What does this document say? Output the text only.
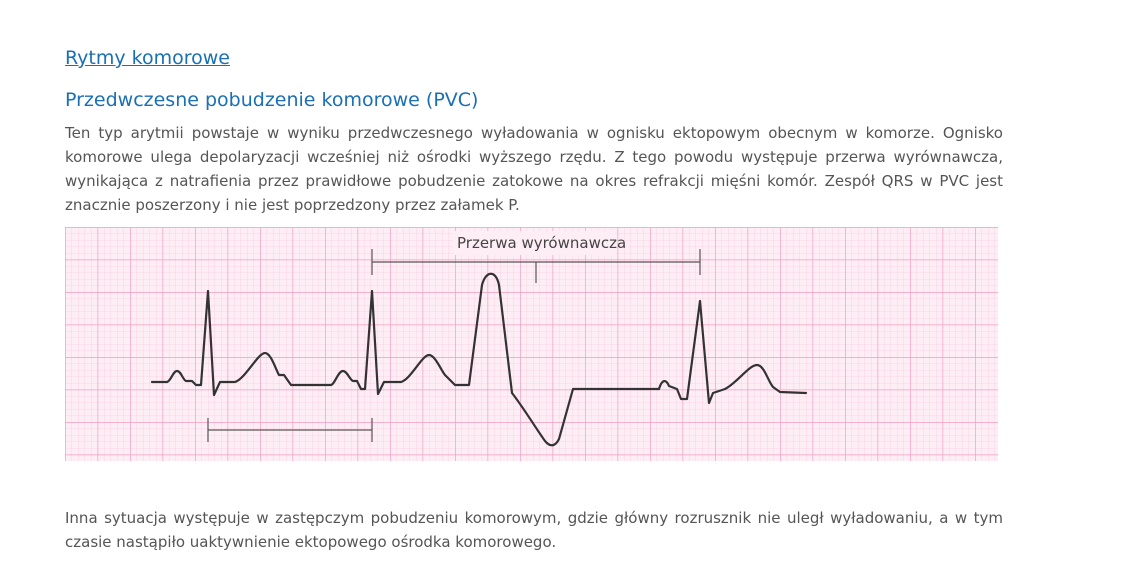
Rytmy komorowe
Przedwczesne pobudzenie komorowe (PVC)

Ten typ arytmii powstaje w wyniku przedwczesnego wyładowania w ognisku ektopowym obecnym w komorze. Ognisko komorowe ulega depolaryzacji wcześniej niż ośrodki wyższego rzędu. Z tego powodu występuje przerwa wyrównawcza, wynikająca z natrafienia przez prawidłowe pobudzenie zatokowe na okres refrakcji mięśni komór. Zespół QRS w PVC jest znacznie poszerzony i nie jest poprzedzony przez załamek P.

Przerwa wyrównawcza

Inna sytuacja występuje w zastępczym pobudzeniu komorowym, gdzie główny rozrusznik nie uległ wyładowaniu, a w tym czasie nastąpiło uaktywnienie ektopowego ośrodka komorowego.
